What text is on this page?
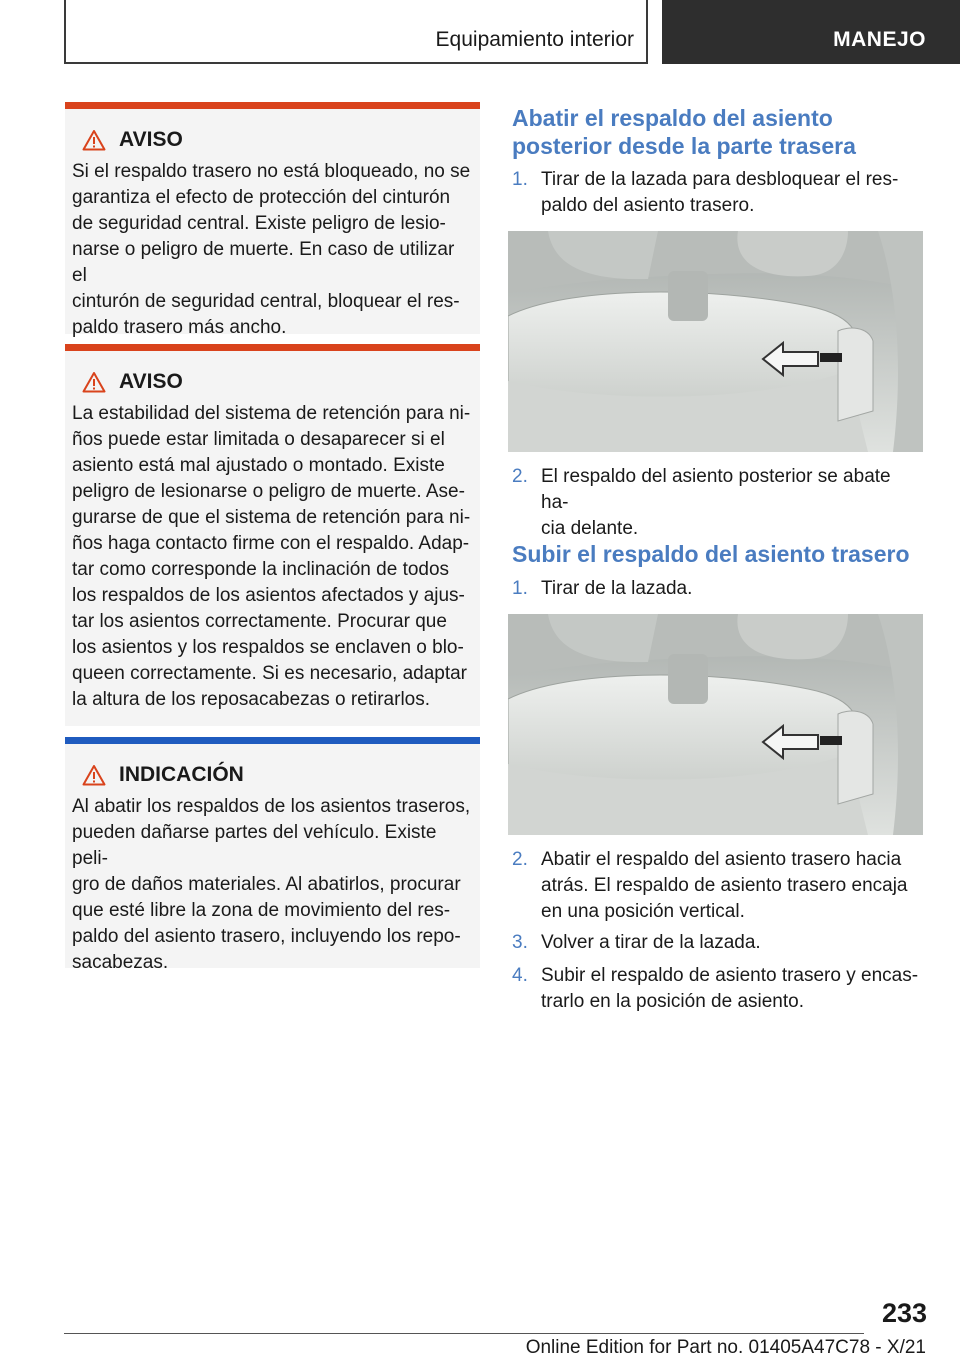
Equipamiento interior	MANEJO
AVISO
Si el respaldo trasero no está bloqueado, no se
garantiza el efecto de protección del cinturón
de seguridad central. Existe peligro de lesio‐
narse o peligro de muerte. En caso de utilizar el
cinturón de seguridad central, bloquear el res‐
paldo trasero más ancho.
AVISO
La estabilidad del sistema de retención para ni‐
ños puede estar limitada o desaparecer si el
asiento está mal ajustado o montado. Existe
peligro de lesionarse o peligro de muerte. Ase‐
gurarse de que el sistema de retención para ni‐
ños haga contacto firme con el respaldo. Adap‐
tar como corresponde la inclinación de todos
los respaldos de los asientos afectados y ajus‐
tar los asientos correctamente. Procurar que
los asientos y los respaldos se enclaven o blo‐
queen correctamente. Si es necesario, adaptar
la altura de los reposacabezas o retirarlos.
INDICACIÓN
Al abatir los respaldos de los asientos traseros,
pueden dañarse partes del vehículo. Existe peli‐
gro de daños materiales. Al abatirlos, procurar
que esté libre la zona de movimiento del res‐
paldo del asiento trasero, incluyendo los repo‐
sacabezas.
Abatir el respaldo del asiento
posterior desde la parte trasera
1. Tirar de la lazada para desbloquear el res‐
paldo del asiento trasero.
2. El respaldo del asiento posterior se abate ha‐
cia delante.
Subir el respaldo del asiento trasero
1. Tirar de la lazada.
2. Abatir el respaldo del asiento trasero hacia
atrás. El respaldo de asiento trasero encaja
en una posición vertical.
3. Volver a tirar de la lazada.
4. Subir el respaldo de asiento trasero y encas‐
trarlo en la posición de asiento.
233
Online Edition for Part no. 01405A47C78 - X/21
